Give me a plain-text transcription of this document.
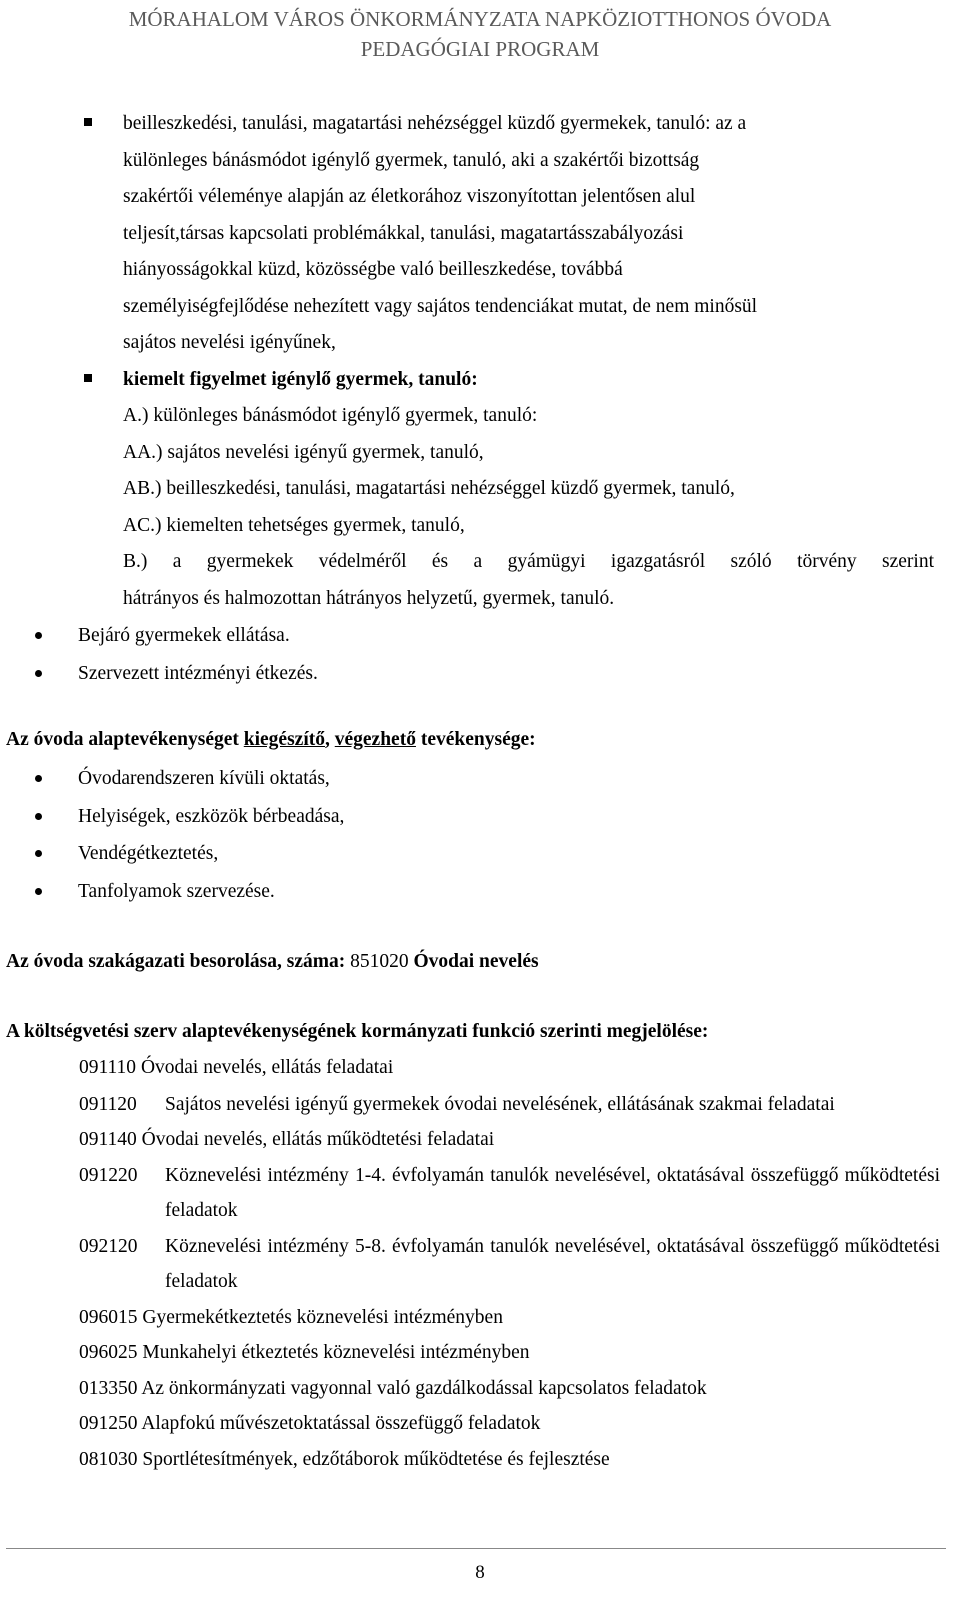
MÓRAHALOM VÁROS ÖNKORMÁNYZATA NAPKÖZIOTTHONOS ÓVODA
PEDAGÓGIAI PROGRAM
beilleszkedési, tanulási, magatartási nehézséggel küzdő gyermekek, tanuló: az a
különleges bánásmódot igénylő gyermek, tanuló, aki a szakértői bizottság
szakértői véleménye alapján az életkorához viszonyítottan jelentősen alul
teljesít,társas kapcsolati problémákkal, tanulási, magatartásszabályozási
hiányosságokkal küzd, közösségbe való beilleszkedése, továbbá
személyiségfejlődése nehezített vagy sajátos tendenciákat mutat, de nem minősül
sajátos nevelési igényűnek,
kiemelt figyelmet igénylő gyermek, tanuló:
A.) különleges bánásmódot igénylő gyermek, tanuló:
AA.) sajátos nevelési igényű gyermek, tanuló,
AB.) beilleszkedési, tanulási, magatartási nehézséggel küzdő gyermek, tanuló,
AC.) kiemelten tehetséges gyermek, tanuló,
B.) a gyermekek védelméről és a gyámügyi igazgatásról szóló törvény szerint
hátrányos és halmozottan hátrányos helyzetű, gyermek, tanuló.
Bejáró gyermekek ellátása.
Szervezett intézményi étkezés.
Az óvoda alaptevékenységet kiegészítő, végezhető tevékenysége:
Óvodarendszeren kívüli oktatás,
Helyiségek, eszközök bérbeadása,
Vendégétkeztetés,
Tanfolyamok szervezése.
Az óvoda szakágazati besorolása, száma: 851020 Óvodai nevelés
A költségvetési szerv alaptevékenységének kormányzati funkció szerinti megjelölése:
091110 Óvodai nevelés, ellátás feladatai
091120	Sajátos nevelési igényű gyermekek óvodai nevelésének, ellátásának szakmai feladatai
091140 Óvodai nevelés, ellátás működtetési feladatai
091220	Köznevelési intézmény 1-4. évfolyamán tanulók nevelésével, oktatásával összefüggő működtetési feladatok
092120	Köznevelési intézmény 5-8. évfolyamán tanulók nevelésével, oktatásával összefüggő működtetési feladatok
096015 Gyermekétkeztetés köznevelési intézményben
096025 Munkahelyi étkeztetés köznevelési intézményben
013350 Az önkormányzati vagyonnal való gazdálkodással kapcsolatos feladatok
091250 Alapfokú művészetoktatással összefüggő feladatok
081030 Sportlétesítmények, edzőtáborok működtetése és fejlesztése
8
